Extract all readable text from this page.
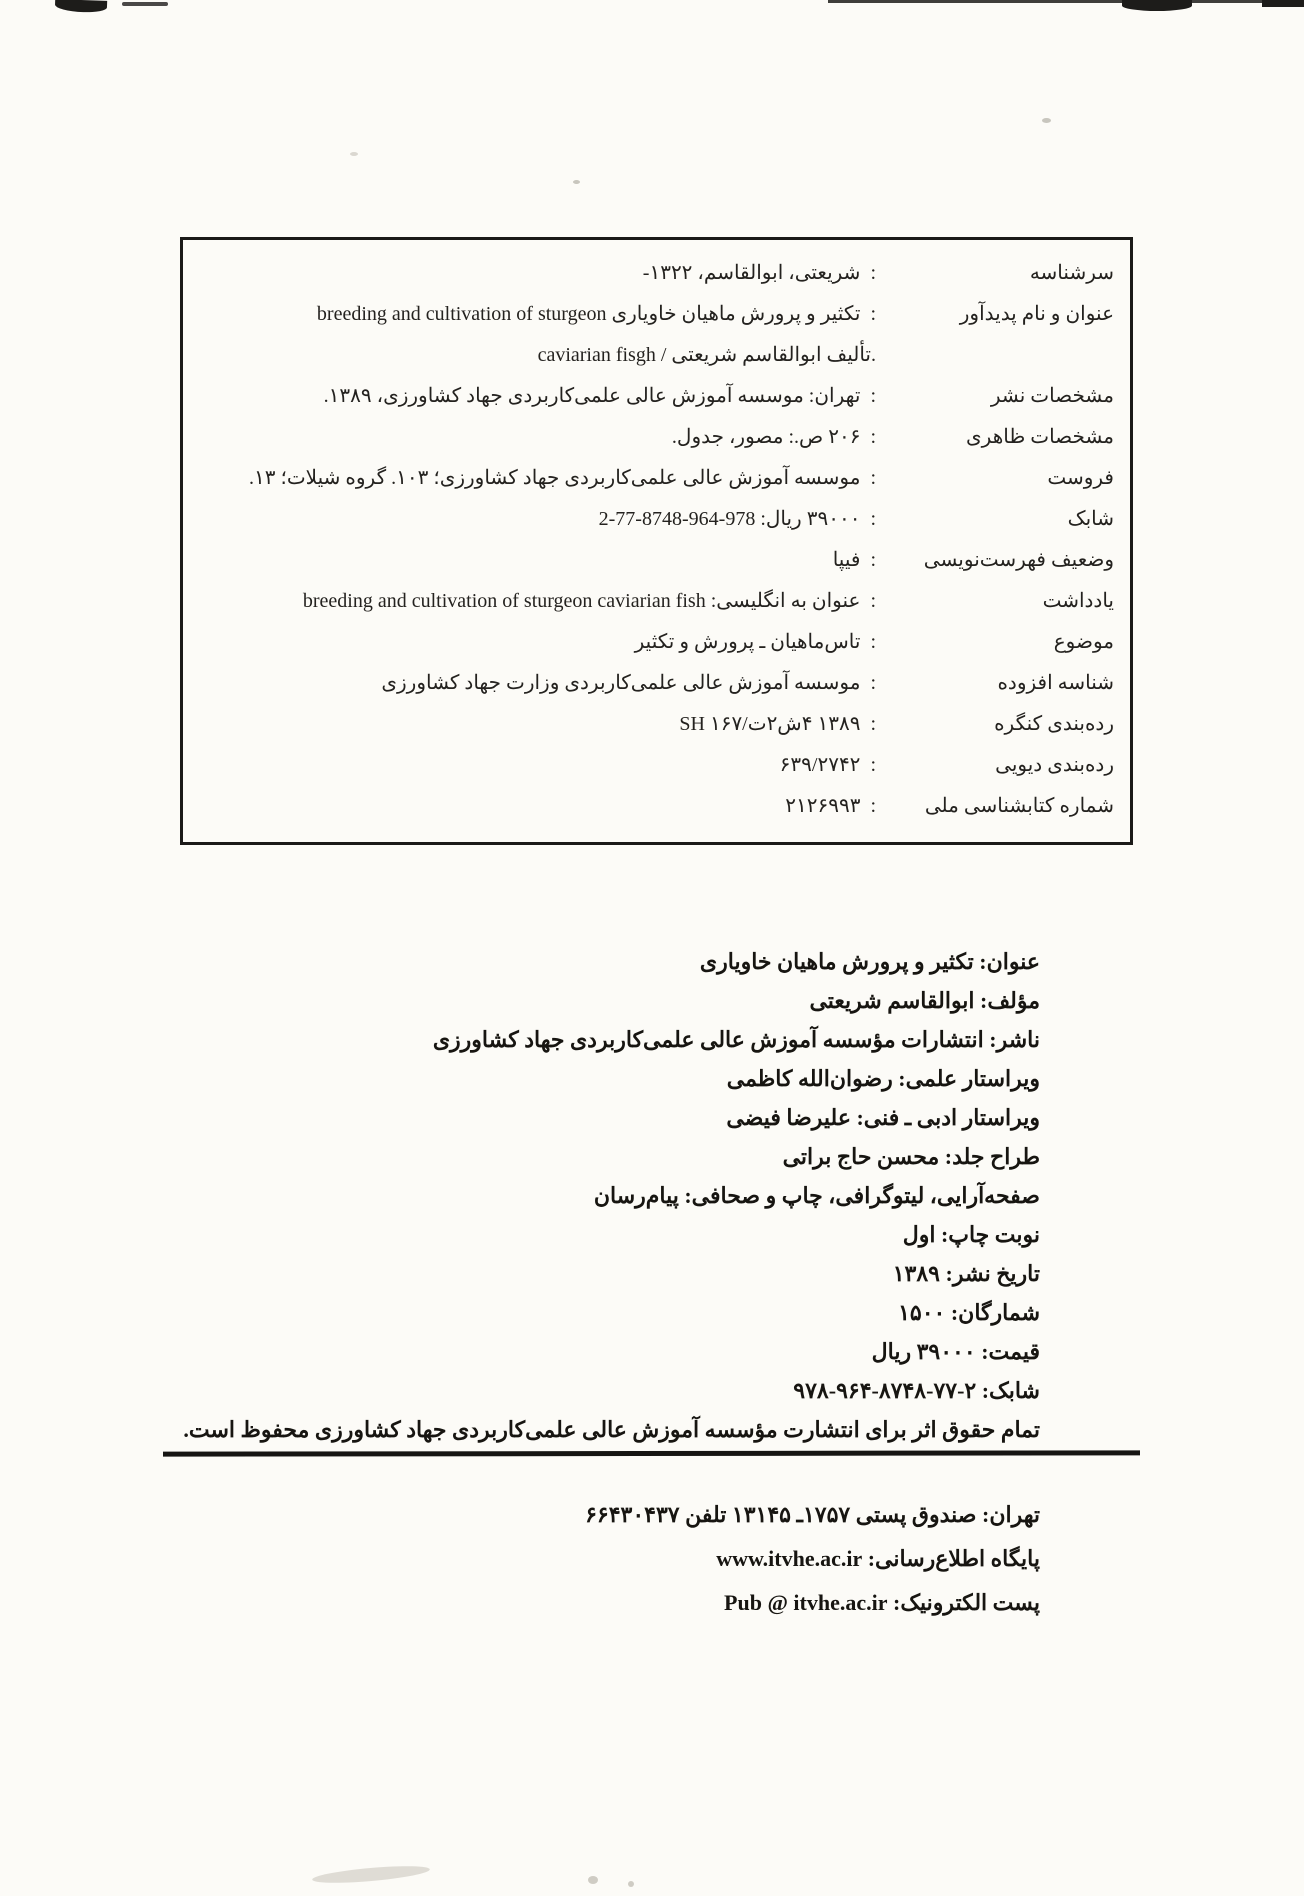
سرشناسه
:شریعتی، ابوالقاسم، ۱۳۲۲-
عنوان و نام پدیدآور
:تکثیر و پرورش ماهیان خاویاری breeding and cultivation of sturgeon
caviarian fisgh / تألیف ابوالقاسم شریعتی.
مشخصات نشر
:تهران: موسسه آموزش عالی علمی‌کاربردی جهاد کشاورزی، ۱۳۸۹.
مشخصات ظاهری
:۲۰۶ ص.: مصور، جدول.
فروست
:موسسه آموزش عالی علمی‌کاربردی جهاد کشاورزی؛ ۱۰۳. گروه شیلات؛ ۱۳.
شابک
:۳۹۰۰۰ ریال: 978-964-8748-77-2
وضعیف فهرست‌نویسی
:فیپا
یادداشت
:عنوان به انگلیسی: breeding and cultivation of sturgeon caviarian fish
موضوع
:تاس‌ماهیان ـ پرورش و تکثیر
شناسه افزوده
:موسسه آموزش عالی علمی‌کاربردی وزارت جهاد کشاورزی
رده‌بندی کنگره
:SH ۱۶۷/ت۲ش۴ ۱۳۸۹
رده‌بندی دیویی
:۶۳۹/۲۷۴۲
شماره کتابشناسی ملی
:۲۱۲۶۹۹۳
عنوان: تکثیر و پرورش ماهیان خاویاری
مؤلف: ابوالقاسم شریعتی
ناشر: انتشارات مؤسسه آموزش عالی علمی‌کاربردی جهاد کشاورزی
ویراستار علمی: رضوان‌الله کاظمی
ویراستار ادبی ـ فنی: علیرضا فیضی
طراح جلد: محسن حاج براتی
صفحه‌آرایی، لیتوگرافی، چاپ و صحافی: پیام‌رسان
نوبت چاپ: اول
تاریخ نشر: ۱۳۸۹
شمارگان: ۱۵۰۰
قیمت: ۳۹۰۰۰ ریال
شابک: ۹۷۸-۹۶۴-۸۷۴۸-۷۷-۲
تمام حقوق اثر برای انتشارت مؤسسه آموزش عالی علمی‌کاربردی جهاد کشاورزی محفوظ است.
تهران: صندوق پستی ۱۷۵۷ـ ۱۳۱۴۵ تلفن ۶۶۴۳۰۴۳۷
پایگاه اطلاع‌رسانی: www.itvhe.ac.ir
پست الکترونیک: Pub @ itvhe.ac.ir
